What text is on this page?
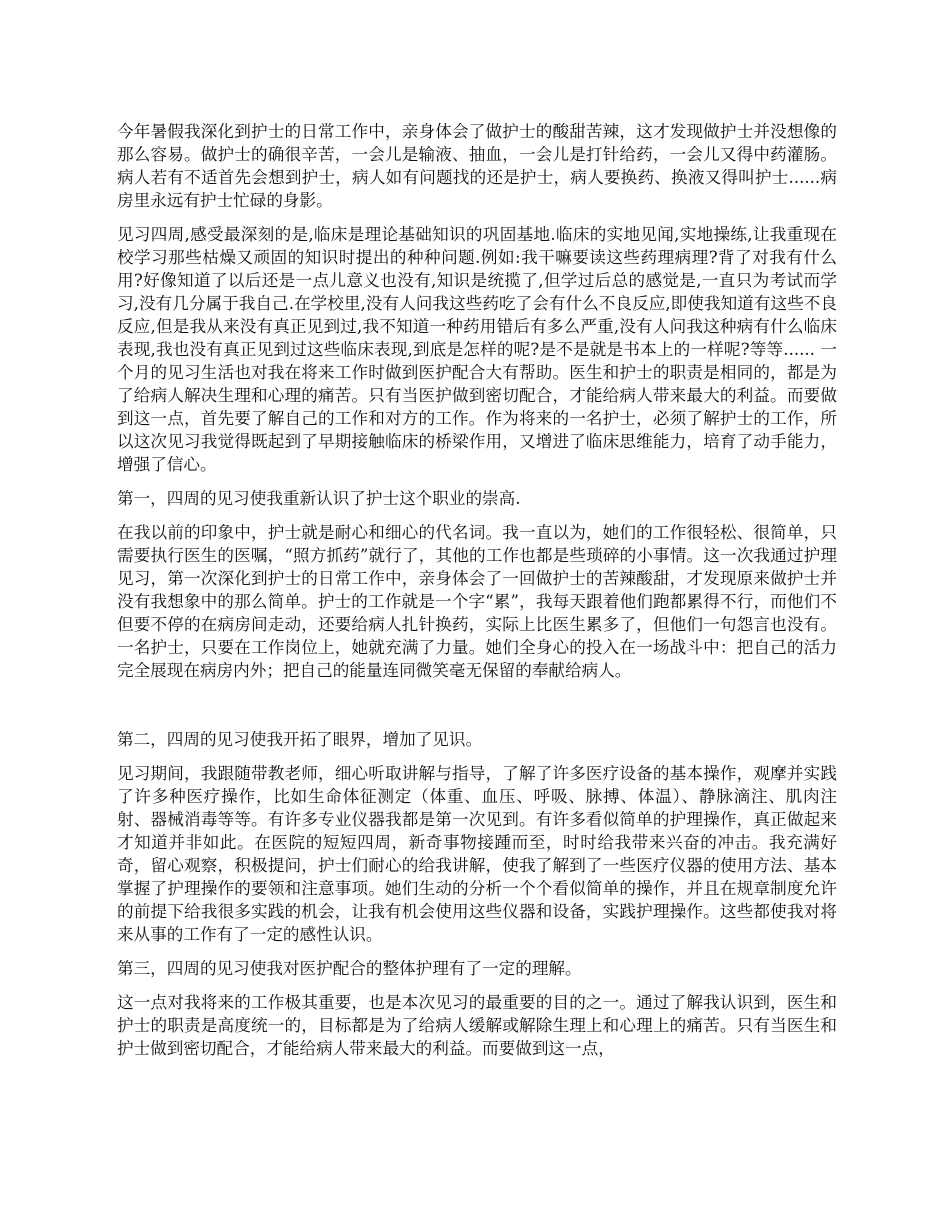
今年暑假我深化到护士的日常工作中，亲身体会了做护士的酸甜苦辣，这才发现做护士并没想像的那么容易。做护士的确很辛苦，一会儿是输液、抽血，一会儿是打针给药，一会儿又得中药灌肠。病人若有不适首先会想到护士，病人如有问题找的还是护士，病人要换药、换液又得叫护士......病房里永远有护士忙碌的身影。

见习四周,感受最深刻的是,临床是理论基础知识的巩固基地.临床的实地见闻,实地操练,让我重现在校学习那些枯燥又顽固的知识时提出的种种问题.例如:我干嘛要读这些药理病理?背了对我有什么用?好像知道了以后还是一点儿意义也没有,知识是统揽了,但学过后总的感觉是,一直只为考试而学习,没有几分属于我自己.在学校里,没有人问我这些药吃了会有什么不良反应,即使我知道有这些不良反应,但是我从来没有真正见到过,我不知道一种药用错后有多么严重,没有人问我这种病有什么临床表现,我也没有真正见到过这些临床表现,到底是怎样的呢?是不是就是书本上的一样呢?等等...... 一个月的见习生活也对我在将来工作时做到医护配合大有帮助。医生和护士的职责是相同的，都是为了给病人解决生理和心理的痛苦。只有当医护做到密切配合，才能给病人带来最大的利益。而要做到这一点，首先要了解自己的工作和对方的工作。作为将来的一名护士，必须了解护士的工作，所以这次见习我觉得既起到了早期接触临床的桥梁作用，又增进了临床思维能力，培育了动手能力，增强了信心。

第一，四周的见习使我重新认识了护士这个职业的崇高.

在我以前的印象中，护士就是耐心和细心的代名词。我一直以为，她们的工作很轻松、很简单，只需要执行医生的医嘱，“照方抓药”就行了，其他的工作也都是些琐碎的小事情。这一次我通过护理见习，第一次深化到护士的日常工作中，亲身体会了一回做护士的苦辣酸甜，才发现原来做护士并没有我想象中的那么简单。护士的工作就是一个字“累”，我每天跟着他们跑都累得不行，而他们不但要不停的在病房间走动，还要给病人扎针换药，实际上比医生累多了，但他们一句怨言也没有。一名护士，只要在工作岗位上，她就充满了力量。她们全身心的投入在一场战斗中：把自己的活力完全展现在病房内外；把自己的能量连同微笑毫无保留的奉献给病人。

第二，四周的见习使我开拓了眼界，增加了见识。

见习期间，我跟随带教老师，细心听取讲解与指导，了解了许多医疗设备的基本操作，观摩并实践了许多种医疗操作，比如生命体征测定（体重、血压、呼吸、脉搏、体温）、静脉滴注、肌肉注射、器械消毒等等。有许多专业仪器我都是第一次见到。有许多看似简单的护理操作，真正做起来才知道并非如此。在医院的短短四周，新奇事物接踵而至，时时给我带来兴奋的冲击。我充满好奇，留心观察，积极提问，护士们耐心的给我讲解，使我了解到了一些医疗仪器的使用方法、基本掌握了护理操作的要领和注意事项。她们生动的分析一个个看似简单的操作，并且在规章制度允许的前提下给我很多实践的机会，让我有机会使用这些仪器和设备，实践护理操作。这些都使我对将来从事的工作有了一定的感性认识。

第三，四周的见习使我对医护配合的整体护理有了一定的理解。

这一点对我将来的工作极其重要，也是本次见习的最重要的目的之一。通过了解我认识到，医生和护士的职责是高度统一的，目标都是为了给病人缓解或解除生理上和心理上的痛苦。只有当医生和护士做到密切配合，才能给病人带来最大的利益。而要做到这一点，
